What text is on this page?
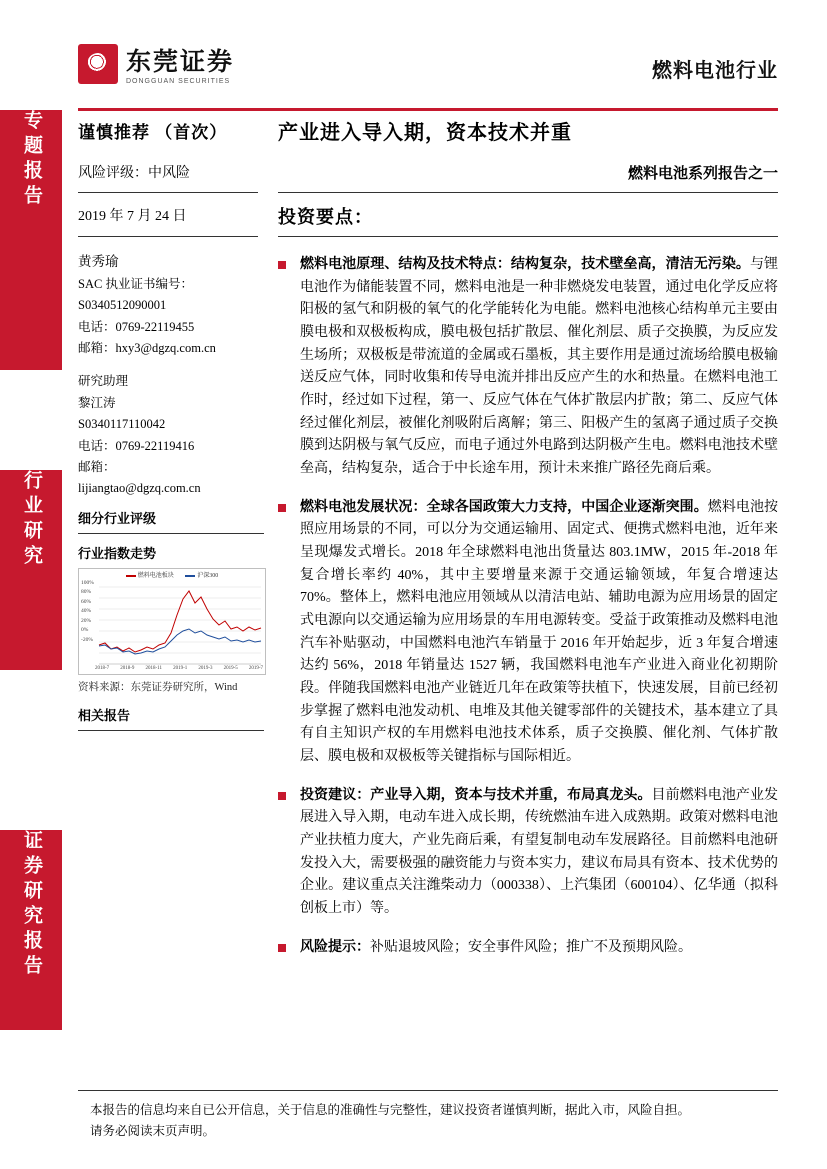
专题报告
行业研究
证券研究报告
东莞证券
DONGGUAN SECURITIES	燃料电池行业
谨慎推荐 （首次）	产业进入导入期，资本技术并重
风险评级：中风险	燃料电池系列报告之一
2019 年 7 月 24 日	投资要点：
黄秀瑜
SAC 执业证书编号：
S0340512090001
电话：0769-22119455
邮箱：hxy3@dgzq.com.cn
研究助理
黎江涛
S0340117110042
电话：0769-22119416
邮箱：
lijiangtao@dgzq.com.cn
细分行业评级
行业指数走势
燃料电池板块	沪深300
100%
80%
60%
40%
20%
0%
-20%
2018-7 2018-9 2018-11 2019-1 2019-3 2019-5 2019-7
资料来源：东莞证券研究所，Wind
相关报告
燃料电池原理、结构及技术特点：结构复杂，技术壁垒高，清洁无污染。与锂电池作为储能装置不同，燃料电池是一种非燃烧发电装置，通过电化学反应将阳极的氢气和阴极的氧气的化学能转化为电能。燃料电池核心结构单元主要由膜电极和双极板构成，膜电极包括扩散层、催化剂层、质子交换膜，为反应发生场所；双极板是带流道的金属或石墨板，其主要作用是通过流场给膜电极输送反应气体，同时收集和传导电流并排出反应产生的水和热量。在燃料电池工作时，经过如下过程，第一、反应气体在气体扩散层内扩散；第二、反应气体经过催化剂层，被催化剂吸附后离解；第三、阳极产生的氢离子通过质子交换膜到达阴极与氧气反应，而电子通过外电路到达阴极产生电。燃料电池技术壁垒高，结构复杂，适合于中长途车用，预计未来推广路径先商后乘。
燃料电池发展状况：全球各国政策大力支持，中国企业逐渐突围。燃料电池按照应用场景的不同，可以分为交通运输用、固定式、便携式燃料电池，近年来呈现爆发式增长。2018 年全球燃料电池出货量达 803.1MW，2015 年-2018 年复合增长率约 40%，其中主要增量来源于交通运输领域，年复合增速达 70%。整体上，燃料电池应用领域从以清洁电站、辅助电源为应用场景的固定式电源向以交通运输为应用场景的车用电源转变。受益于政策推动及燃料电池汽车补贴驱动，中国燃料电池汽车销量于 2016 年开始起步，近 3 年复合增速达约 56%，2018 年销量达 1527 辆，我国燃料电池车产业进入商业化初期阶段。伴随我国燃料电池产业链近几年在政策等扶植下，快速发展，目前已经初步掌握了燃料电池发动机、电堆及其他关键零部件的关键技术，基本建立了具有自主知识产权的车用燃料电池技术体系，质子交换膜、催化剂、气体扩散层、膜电极和双极板等关键指标与国际相近。
投资建议：产业导入期，资本与技术并重，布局真龙头。目前燃料电池产业发展进入导入期，电动车进入成长期，传统燃油车进入成熟期。政策对燃料电池产业扶植力度大，产业先商后乘，有望复制电动车发展路径。目前燃料电池研发投入大，需要极强的融资能力与资本实力，建议布局具有资本、技术优势的企业。建议重点关注潍柴动力（000338）、上汽集团（600104）、亿华通（拟科创板上市）等。
风险提示：补贴退坡风险；安全事件风险；推广不及预期风险。
本报告的信息均来自已公开信息，关于信息的准确性与完整性，建议投资者谨慎判断，据此入市，风险自担。
请务必阅读末页声明。
